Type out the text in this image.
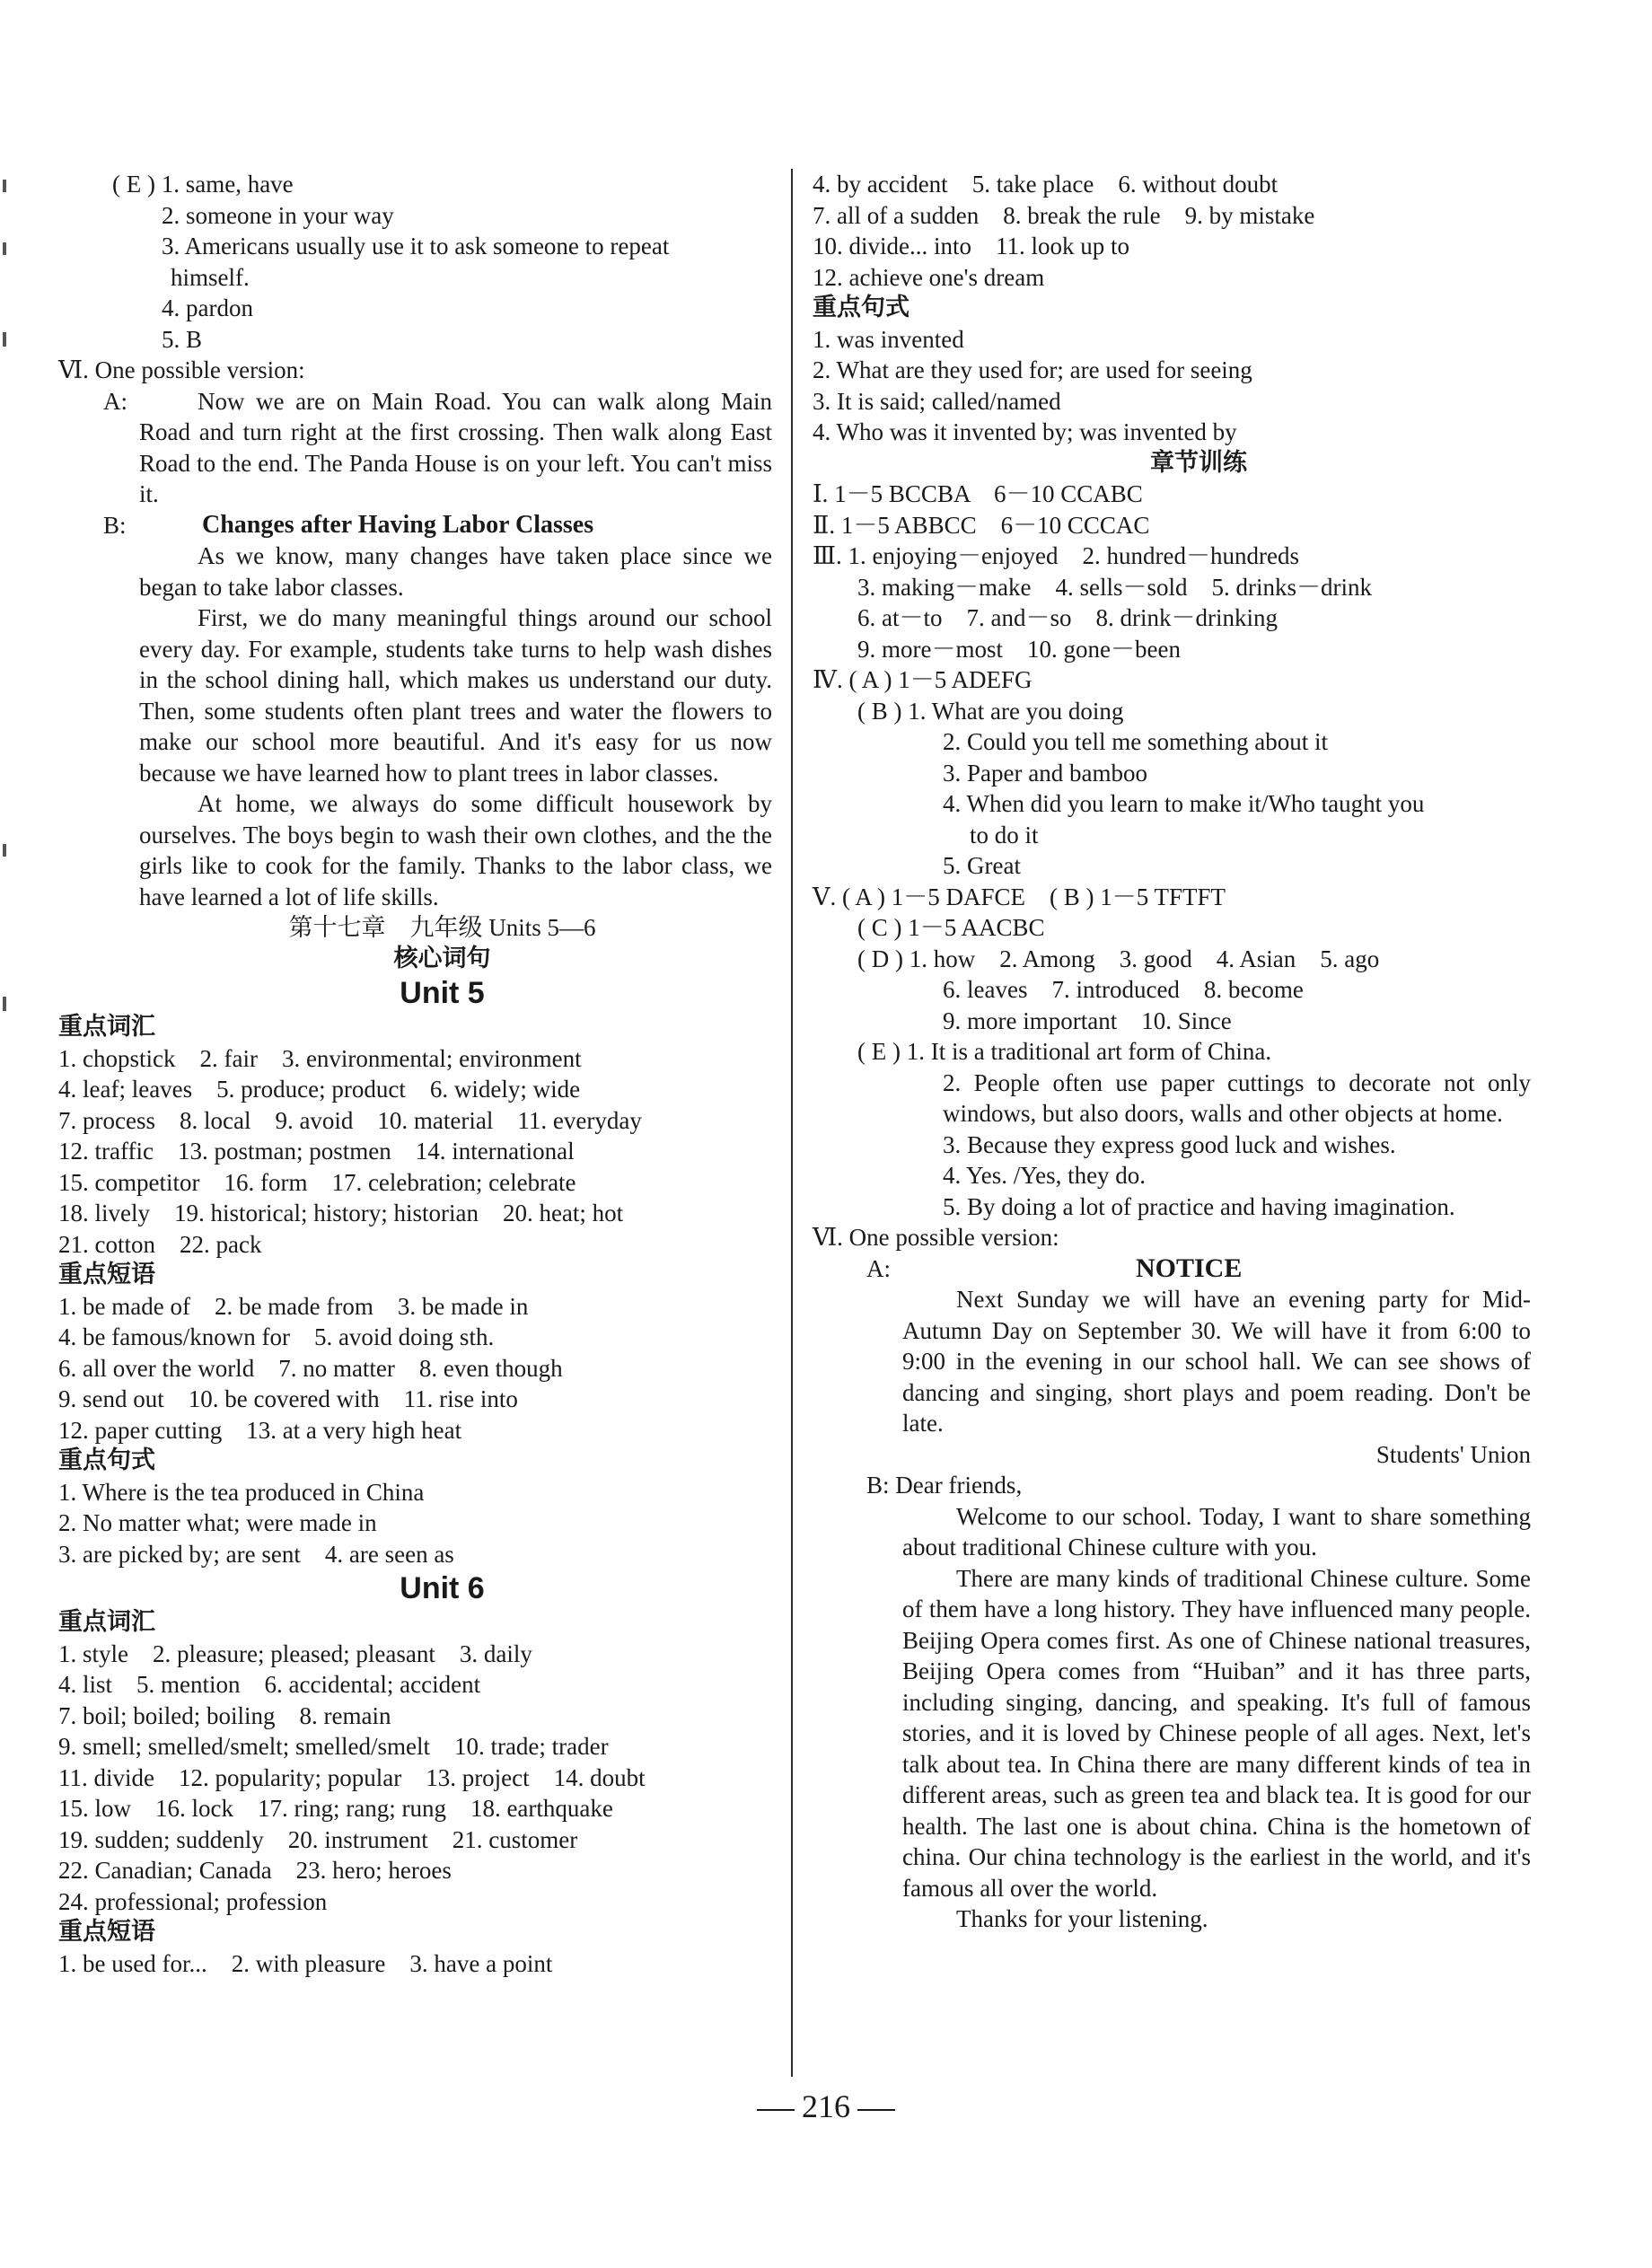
( E ) 1. same, have
2. someone in your way
3. Americans usually use it to ask someone to repeat
himself.
4. pardon
5. B
Ⅵ. One possible version:
A:	Now we are on Main Road. You can walk along Main Road and turn right at the first crossing. Then walk along East Road to the end. The Panda House is on your left. You can't miss it.
B:	Changes after Having Labor Classes
As we know, many changes have taken place since we began to take labor classes.
First, we do many meaningful things around our school every day. For example, students take turns to help wash dishes in the school dining hall, which makes us understand our duty. Then, some students often plant trees and water the flowers to make our school more beautiful. And it's easy for us now because we have learned how to plant trees in labor classes.
At home, we always do some difficult housework by ourselves. The boys begin to wash their own clothes, and the the girls like to cook for the family. Thanks to the labor class, we have learned a lot of life skills.
第十七章　九年级 Units 5—6
核心词句
Unit 5
重点词汇
1. chopstick　2. fair　3. environmental; environment
4. leaf; leaves　5. produce; product　6. widely; wide
7. process　8. local　9. avoid　10. material　11. everyday
12. traffic　13. postman; postmen　14. international
15. competitor　16. form　17. celebration; celebrate
18. lively　19. historical; history; historian　20. heat; hot
21. cotton　22. pack
重点短语
1. be made of　2. be made from　3. be made in
4. be famous/known for　5. avoid doing sth.
6. all over the world　7. no matter　8. even though
9. send out　10. be covered with　11. rise into
12. paper cutting　13. at a very high heat
重点句式
1. Where is the tea produced in China
2. No matter what; were made in
3. are picked by; are sent　4. are seen as
Unit 6
重点词汇
1. style　2. pleasure; pleased; pleasant　3. daily
4. list　5. mention　6. accidental; accident
7. boil; boiled; boiling　8. remain
9. smell; smelled/smelt; smelled/smelt　10. trade; trader
11. divide　12. popularity; popular　13. project　14. doubt
15. low　16. lock　17. ring; rang; rung　18. earthquake
19. sudden; suddenly　20. instrument　21. customer
22. Canadian; Canada　23. hero; heroes
24. professional; profession
重点短语
1. be used for...　2. with pleasure　3. have a point
4. by accident　5. take place　6. without doubt
7. all of a sudden　8. break the rule　9. by mistake
10. divide... into　11. look up to
12. achieve one's dream
重点句式
1. was invented
2. What are they used for; are used for seeing
3. It is said; called/named
4. Who was it invented by; was invented by
章节训练
Ⅰ. 1－5 BCCBA　6－10 CCABC
Ⅱ. 1－5 ABBCC　6－10 CCCAC
Ⅲ. 1. enjoying－enjoyed　2. hundred－hundreds
3. making－make　4. sells－sold　5. drinks－drink
6. at－to　7. and－so　8. drink－drinking
9. more－most　10. gone－been
Ⅳ. ( A ) 1－5 ADEFG
( B ) 1. What are you doing
2. Could you tell me something about it
3. Paper and bamboo
4. When did you learn to make it/Who taught you
to do it
5. Great
Ⅴ. ( A ) 1－5 DAFCE　( B ) 1－5 TFTFT
( C ) 1－5 AACBC
( D ) 1. how　2. Among　3. good　4. Asian　5. ago
6. leaves　7. introduced　8. become
9. more important　10. Since
( E ) 1. It is a traditional art form of China.
2. People often use paper cuttings to decorate not only windows, but also doors, walls and other objects at home.
3. Because they express good luck and wishes.
4. Yes. /Yes, they do.
5. By doing a lot of practice and having imagination.
Ⅵ. One possible version:
A:	NOTICE
Next Sunday we will have an evening party for Mid-Autumn Day on September 30. We will have it from 6:00 to 9:00 in the evening in our school hall. We can see shows of dancing and singing, short plays and poem reading. Don't be late.
Students' Union
B: Dear friends,
Welcome to our school. Today, I want to share something about traditional Chinese culture with you.
There are many kinds of traditional Chinese culture. Some of them have a long history. They have influenced many people. Beijing Opera comes first. As one of Chinese national treasures, Beijing Opera comes from “Huiban” and it has three parts, including singing, dancing, and speaking. It's full of famous stories, and it is loved by Chinese people of all ages. Next, let's talk about tea. In China there are many different kinds of tea in different areas, such as green tea and black tea. It is good for our health. The last one is about china. China is the hometown of china. Our china technology is the earliest in the world, and it's famous all over the world.
Thanks for your listening.
216
